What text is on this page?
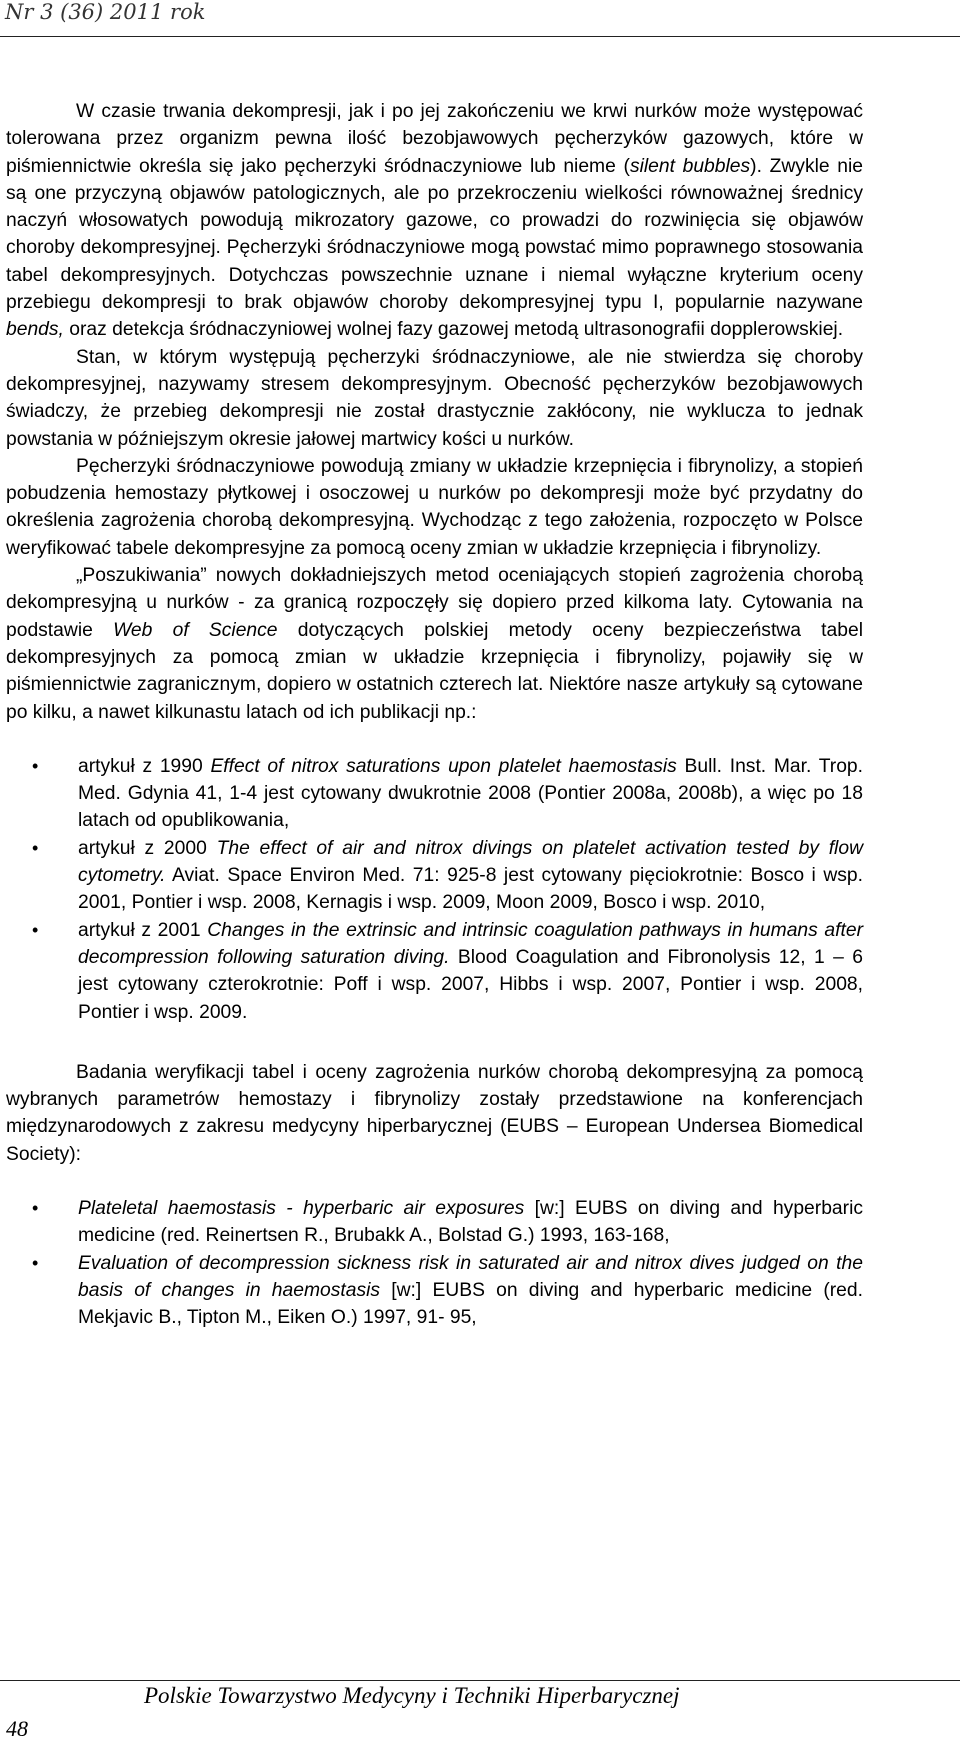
Nr 3 (36) 2011 rok

W czasie trwania dekompresji, jak i po jej zakończeniu we krwi nurków może występować tolerowana przez organizm pewna ilość bezobjawowych pęcherzyków gazowych, które w piśmiennictwie określa się jako pęcherzyki śródnaczyniowe lub nieme (silent bubbles). Zwykle nie są one przyczyną objawów patologicznych, ale po przekroczeniu wielkości równoważnej średnicy naczyń włosowatych powodują mikrozatory gazowe, co prowadzi do rozwinięcia się objawów choroby dekompresyjnej. Pęcherzyki śródnaczyniowe mogą powstać mimo poprawnego stosowania tabel dekompresyjnych. Dotychczas powszechnie uznane i niemal wyłączne kryterium oceny przebiegu dekompresji to brak objawów choroby dekompresyjnej typu I, popularnie nazywane bends, oraz detekcja śródnaczyniowej wolnej fazy gazowej metodą ultrasonografii dopplerowskiej.

Stan, w którym występują pęcherzyki śródnaczyniowe, ale nie stwierdza się choroby dekompresyjnej, nazywamy stresem dekompresyjnym. Obecność pęcherzyków bezobjawowych świadczy, że przebieg dekompresji nie został drastycznie zakłócony, nie wyklucza to jednak powstania w późniejszym okresie jałowej martwicy kości u nurków.

Pęcherzyki śródnaczyniowe powodują zmiany w układzie krzepnięcia i fibrynolizy, a stopień pobudzenia hemostazy płytkowej i osoczowej u nurków po dekompresji może być przydatny do określenia zagrożenia chorobą dekompresyjną. Wychodząc z tego założenia, rozpoczęto w Polsce weryfikować tabele dekompresyjne za pomocą oceny zmian w układzie krzepnięcia i fibrynolizy.

„Poszukiwania” nowych dokładniejszych metod oceniających stopień zagrożenia chorobą dekompresyjną u nurków - za granicą rozpoczęły się dopiero przed kilkoma laty. Cytowania na podstawie Web of Science dotyczących polskiej metody oceny bezpieczeństwa tabel dekompresyjnych za pomocą zmian w układzie krzepnięcia i fibrynolizy, pojawiły się w piśmiennictwie zagranicznym, dopiero w ostatnich czterech lat. Niektóre nasze artykuły są cytowane po kilku, a nawet kilkunastu latach od ich publikacji np.:

• artykuł z 1990 Effect of nitrox saturations upon platelet haemostasis Bull. Inst. Mar. Trop. Med. Gdynia 41, 1-4 jest cytowany dwukrotnie 2008 (Pontier 2008a, 2008b), a więc po 18 latach od opublikowania,
• artykuł z 2000 The effect of air and nitrox divings on platelet activation tested by flow cytometry. Aviat. Space Environ Med. 71: 925-8 jest cytowany pięciokrotnie: Bosco i wsp. 2001, Pontier i wsp. 2008, Kernagis i wsp. 2009, Moon 2009, Bosco i wsp. 2010,
• artykuł z 2001 Changes in the extrinsic and intrinsic coagulation pathways in humans after decompression following saturation diving. Blood Coagulation and Fibronolysis 12, 1 – 6 jest cytowany czterokrotnie: Poff i wsp. 2007, Hibbs i wsp. 2007, Pontier i wsp. 2008, Pontier i wsp. 2009.

Badania weryfikacji tabel i oceny zagrożenia nurków chorobą dekompresyjną za pomocą wybranych parametrów hemostazy i fibrynolizy zostały przedstawione na konferencjach międzynarodowych z zakresu medycyny hiperbarycznej (EUBS – European Undersea Biomedical Society):

• Plateletal haemostasis - hyperbaric air exposures [w:] EUBS on diving and hyperbaric medicine (red. Reinertsen R., Brubakk A., Bolstad G.) 1993, 163-168,
• Evaluation of decompression sickness risk in saturated air and nitrox dives judged on the basis of changes in haemostasis [w:] EUBS on diving and hyperbaric medicine (red. Mekjavic B., Tipton M., Eiken O.) 1997, 91- 95,
Polskie Towarzystwo Medycyny i Techniki Hiperbarycznej
48
